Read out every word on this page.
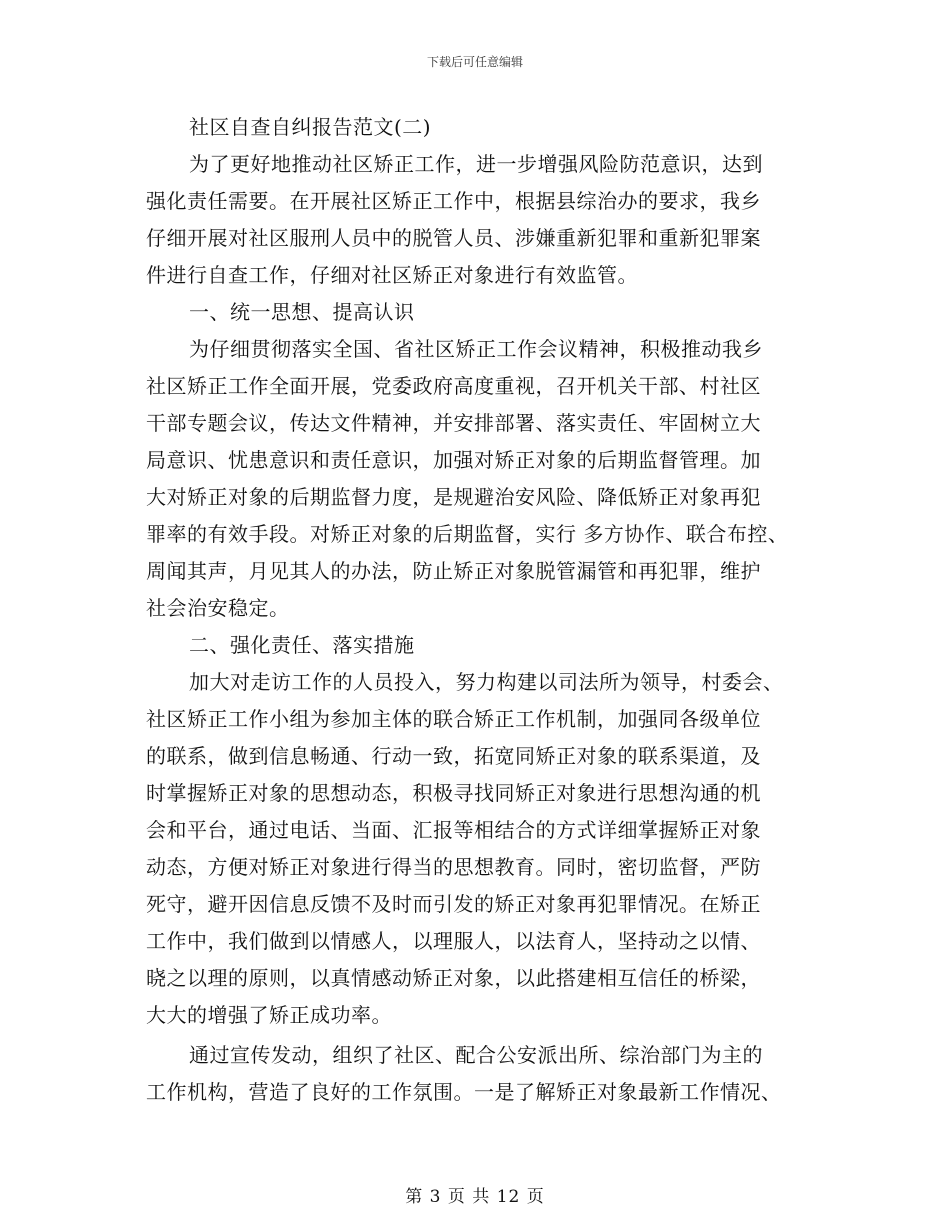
下载后可任意编辑
社区自查自纠报告范文(二)
为了更好地推动社区矫正工作，进一步增强风险防范意识，达到
强化责任需要。在开展社区矫正工作中，根据县综治办的要求，我乡
仔细开展对社区服刑人员中的脱管人员、涉嫌重新犯罪和重新犯罪案
件进行自查工作，仔细对社区矫正对象进行有效监管。
一、统一思想、提高认识
为仔细贯彻落实全国、省社区矫正工作会议精神，积极推动我乡
社区矫正工作全面开展，党委政府高度重视，召开机关干部、村社区
干部专题会议，传达文件精神，并安排部署、落实责任、牢固树立大
局意识、忧患意识和责任意识，加强对矫正对象的后期监督管理。加
大对矫正对象的后期监督力度，是规避治安风险、降低矫正对象再犯
罪率的有效手段。对矫正对象的后期监督，实行 多方协作、联合布控、
周闻其声，月见其人的办法，防止矫正对象脱管漏管和再犯罪，维护
社会治安稳定。
二、强化责任、落实措施
加大对走访工作的人员投入，努力构建以司法所为领导，村委会、
社区矫正工作小组为参加主体的联合矫正工作机制，加强同各级单位
的联系，做到信息畅通、行动一致，拓宽同矫正对象的联系渠道，及
时掌握矫正对象的思想动态，积极寻找同矫正对象进行思想沟通的机
会和平台，通过电话、当面、汇报等相结合的方式详细掌握矫正对象
动态，方便对矫正对象进行得当的思想教育。同时，密切监督，严防
死守，避开因信息反馈不及时而引发的矫正对象再犯罪情况。在矫正
工作中，我们做到以情感人，以理服人，以法育人，坚持动之以情、
晓之以理的原则，以真情感动矫正对象，以此搭建相互信任的桥梁，
大大的增强了矫正成功率。
通过宣传发动，组织了社区、配合公安派出所、综治部门为主的
工作机构，营造了良好的工作氛围。一是了解矫正对象最新工作情况、
第 3 页 共 12 页
